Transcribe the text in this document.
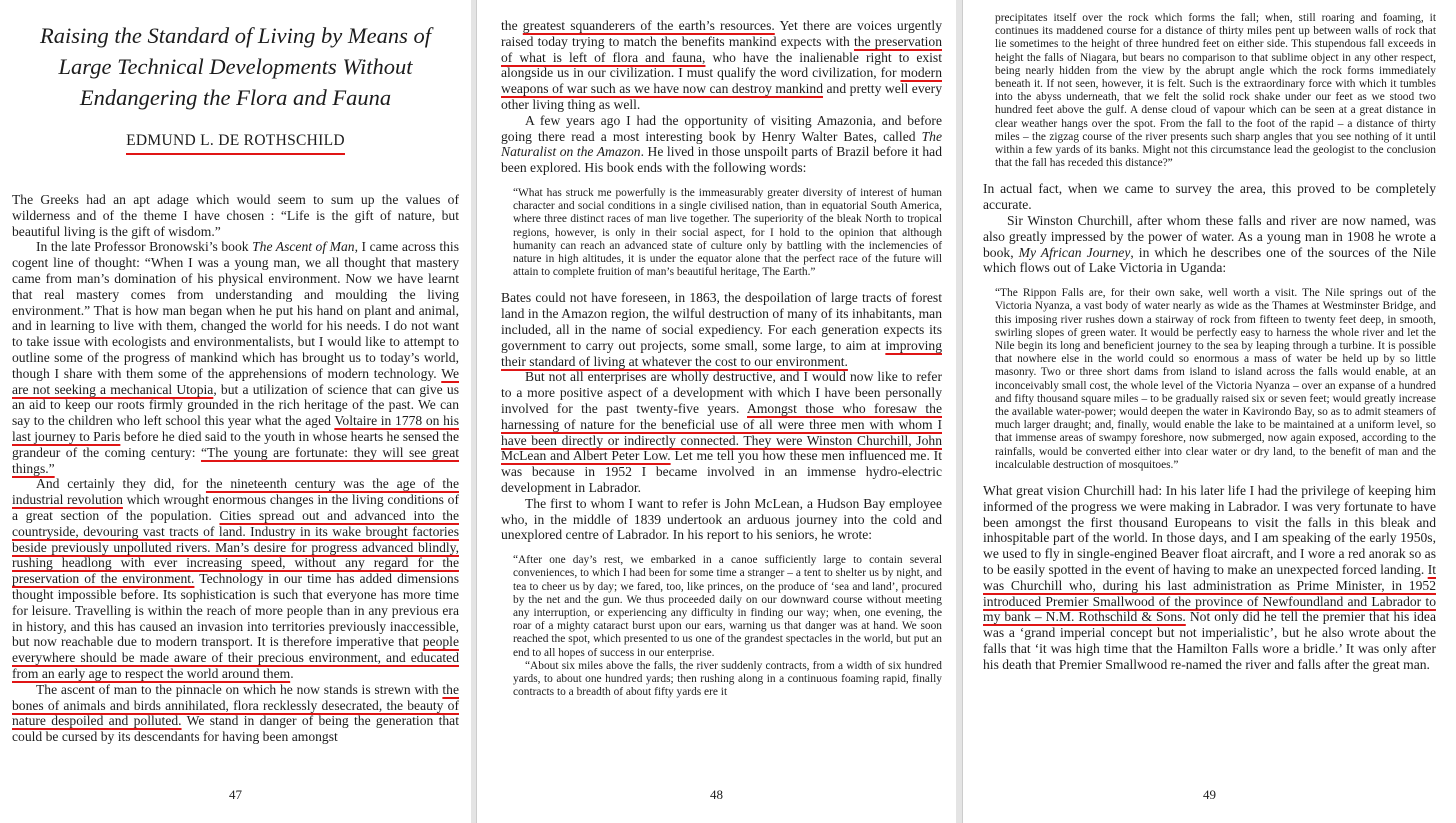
Raising the Standard of Living by Means of Large Technical Developments Without Endangering the Flora and Fauna
EDMUND L. DE ROTHSCHILD

The Greeks had an apt adage which would seem to sum up the values of wilderness and of the theme I have chosen : “Life is the gift of nature, but beautiful living is the gift of wisdom.”

In the late Professor Bronowski’s book The Ascent of Man, I came across this cogent line of thought: “When I was a young man, we all thought that mastery came from man’s domination of his physical environment. Now we have learnt that real mastery comes from understanding and moulding the living environment.” That is how man began when he put his hand on plant and animal, and in learning to live with them, changed the world for his needs. I do not want to take issue with ecologists and environmentalists, but I would like to attempt to outline some of the progress of mankind which has brought us to today’s world, though I share with them some of the apprehensions of modern technology. We are not seeking a mechanical Utopia, but a utilization of science that can give us an aid to keep our roots firmly grounded in the rich heritage of the past. We can say to the children who left school this year what the aged Voltaire in 1778 on his last journey to Paris before he died said to the youth in whose hearts he sensed the grandeur of the coming century: “The young are fortunate: they will see great things.”

And certainly they did, for the nineteenth century was the age of the industrial revolution which wrought enormous changes in the living conditions of a great section of the population. Cities spread out and advanced into the countryside, devouring vast tracts of land. Industry in its wake brought factories beside previously unpolluted rivers. Man’s desire for progress advanced blindly, rushing headlong with ever increasing speed, without any regard for the preservation of the environment. Technology in our time has added dimensions thought impossible before. Its sophistication is such that everyone has more time for leisure. Travelling is within the reach of more people than in any previous era in history, and this has caused an invasion into territories previously inaccessible, but now reachable due to modern transport. It is therefore imperative that people everywhere should be made aware of their precious environment, and educated from an early age to respect the world around them.

The ascent of man to the pinnacle on which he now stands is strewn with the bones of animals and birds annihilated, flora recklessly desecrated, the beauty of nature despoiled and polluted. We stand in danger of being the generation that could be cursed by its descendants for having been amongst

47

the greatest squanderers of the earth’s resources. Yet there are voices urgently raised today trying to match the benefits mankind expects with the preservation of what is left of flora and fauna, who have the inalienable right to exist alongside us in our civilization. I must qualify the word civilization, for modern weapons of war such as we have now can destroy mankind and pretty well every other living thing as well.

A few years ago I had the opportunity of visiting Amazonia, and before going there read a most interesting book by Henry Walter Bates, called The Naturalist on the Amazon. He lived in those unspoilt parts of Brazil before it had been explored. His book ends with the following words:

“What has struck me powerfully is the immeasurably greater diversity of interest of human character and social conditions in a single civilised nation, than in equatorial South America, where three distinct races of man live together. The superiority of the bleak North to tropical regions, however, is only in their social aspect, for I hold to the opinion that although humanity can reach an advanced state of culture only by battling with the inclemencies of nature in high altitudes, it is under the equator alone that the perfect race of the future will attain to complete fruition of man’s beautiful heritage, The Earth.”

Bates could not have foreseen, in 1863, the despoilation of large tracts of forest land in the Amazon region, the wilful destruction of many of its inhabitants, man included, all in the name of social expediency. For each generation expects its government to carry out projects, some small, some large, to aim at improving their standard of living at whatever the cost to our environment.

But not all enterprises are wholly destructive, and I would now like to refer to a more positive aspect of a development with which I have been personally involved for the past twenty-five years. Amongst those who foresaw the harnessing of nature for the beneficial use of all were three men with whom I have been directly or indirectly connected. They were Winston Churchill, John McLean and Albert Peter Low. Let me tell you how these men influenced me. It was because in 1952 I became involved in an immense hydro-electric development in Labrador.

The first to whom I want to refer is John McLean, a Hudson Bay employee who, in the middle of 1839 undertook an arduous journey into the cold and unexplored centre of Labrador. In his report to his seniors, he wrote:

“After one day’s rest, we embarked in a canoe sufficiently large to contain several conveniences, to which I had been for some time a stranger – a tent to shelter us by night, and tea to cheer us by day; we fared, too, like princes, on the produce of ‘sea and land’, procured by the net and the gun. We thus proceeded daily on our downward course without meeting any interruption, or experiencing any difficulty in finding our way; when, one evening, the roar of a mighty cataract burst upon our ears, warning us that danger was at hand. We soon reached the spot, which presented to us one of the grandest spectacles in the world, but put an end to all hopes of success in our enterprise.

“About six miles above the falls, the river suddenly contracts, from a width of six hundred yards, to about one hundred yards; then rushing along in a continuous foaming rapid, finally contracts to a breadth of about fifty yards ere it

48

precipitates itself over the rock which forms the fall; when, still roaring and foaming, it continues its maddened course for a distance of thirty miles pent up between walls of rock that lie sometimes to the height of three hundred feet on either side. This stupendous fall exceeds in height the falls of Niagara, but bears no comparison to that sublime object in any other respect, being nearly hidden from the view by the abrupt angle which the rock forms immediately beneath it. If not seen, however, it is felt. Such is the extraordinary force with which it tumbles into the abyss underneath, that we felt the solid rock shake under our feet as we stood two hundred feet above the gulf. A dense cloud of vapour which can be seen at a great distance in clear weather hangs over the spot. From the fall to the foot of the rapid – a distance of thirty miles – the zigzag course of the river presents such sharp angles that you see nothing of it until within a few yards of its banks. Might not this circumstance lead the geologist to the conclusion that the fall has receded this distance?”

In actual fact, when we came to survey the area, this proved to be completely accurate.

Sir Winston Churchill, after whom these falls and river are now named, was also greatly impressed by the power of water. As a young man in 1908 he wrote a book, My African Journey, in which he describes one of the sources of the Nile which flows out of Lake Victoria in Uganda:

“The Rippon Falls are, for their own sake, well worth a visit. The Nile springs out of the Victoria Nyanza, a vast body of water nearly as wide as the Thames at Westminster Bridge, and this imposing river rushes down a stairway of rock from fifteen to twenty feet deep, in smooth, swirling slopes of green water. It would be perfectly easy to harness the whole river and let the Nile begin its long and beneficient journey to the sea by leaping through a turbine. It is possible that nowhere else in the world could so enormous a mass of water be held up by so little masonry. Two or three short dams from island to island across the falls would enable, at an inconceivably small cost, the whole level of the Victoria Nyanza – over an expanse of a hundred and fifty thousand square miles – to be gradually raised six or seven feet; would greatly increase the available water-power; would deepen the water in Kavirondo Bay, so as to admit steamers of much larger draught; and, finally, would enable the lake to be maintained at a uniform level, so that immense areas of swampy foreshore, now submerged, now again exposed, according to the rainfalls, would be converted either into clear water or dry land, to the benefit of man and the incalculable destruction of mosquitoes.”

What great vision Churchill had: In his later life I had the privilege of keeping him informed of the progress we were making in Labrador. I was very fortunate to have been amongst the first thousand Europeans to visit the falls in this bleak and inhospitable part of the world. In those days, and I am speaking of the early 1950s, we used to fly in single-engined Beaver float aircraft, and I wore a red anorak so as to be easily spotted in the event of having to make an unexpected forced landing. It was Churchill who, during his last administration as Prime Minister, in 1952 introduced Premier Smallwood of the province of Newfoundland and Labrador to my bank – N.M. Rothschild & Sons. Not only did he tell the premier that his idea was a ‘grand imperial concept but not imperialistic’, but he also wrote about the falls that ‘it was high time that the Hamilton Falls wore a bridle.’ It was only after his death that Premier Smallwood re-named the river and falls after the great man.

49
